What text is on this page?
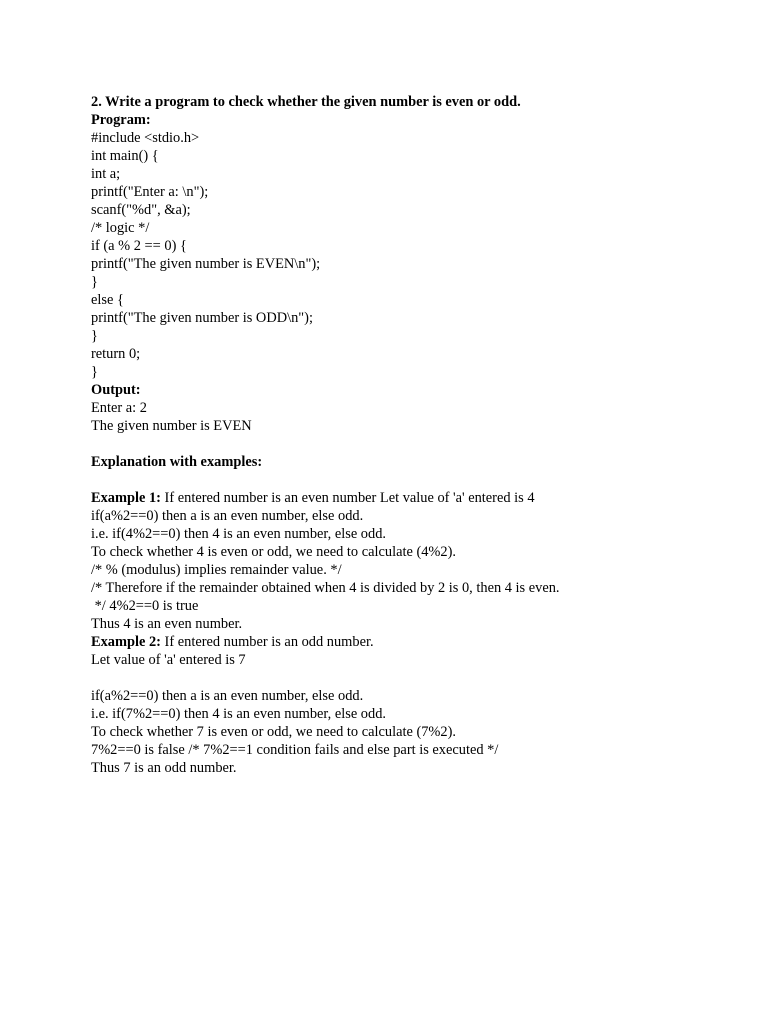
2. Write a program to check whether the given number is even or odd.
Program:
#include <stdio.h>
int main() {
int a;
printf("Enter a: \n");
scanf("%d", &a);
/* logic */
if (a % 2 == 0) {
printf("The given number is EVEN\n");
}
else {
printf("The given number is ODD\n");
}
return 0;
}
Output:
Enter a: 2
The given number is EVEN
Explanation with examples:
Example 1: If entered number is an even number Let value of 'a' entered is 4
if(a%2==0) then a is an even number, else odd.
i.e. if(4%2==0) then 4 is an even number, else odd.
To check whether 4 is even or odd, we need to calculate (4%2).
/* % (modulus) implies remainder value. */
/* Therefore if the remainder obtained when 4 is divided by 2 is 0, then 4 is even.
*/ 4%2==0 is true
Thus 4 is an even number.
Example 2: If entered number is an odd number.
Let value of 'a' entered is 7
if(a%2==0) then a is an even number, else odd.
i.e. if(7%2==0) then 4 is an even number, else odd.
To check whether 7 is even or odd, we need to calculate (7%2).
7%2==0 is false /* 7%2==1 condition fails and else part is executed */
Thus 7 is an odd number.
